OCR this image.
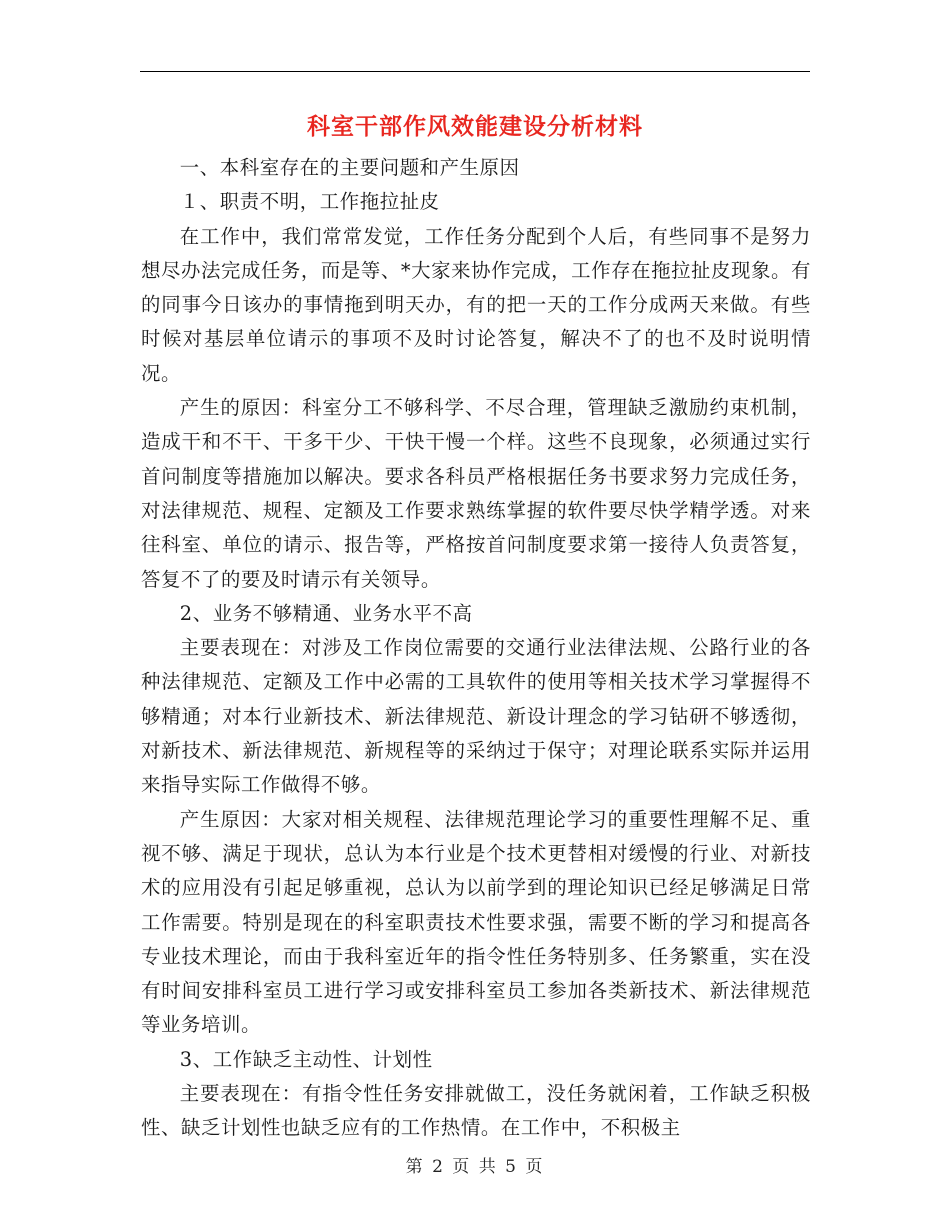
科室干部作风效能建设分析材料

一、本科室存在的主要问题和产生原因

１、职责不明，工作拖拉扯皮

在工作中，我们常常发觉，工作任务分配到个人后，有些同事不是努力想尽办法完成任务，而是等、*大家来协作完成，工作存在拖拉扯皮现象。有的同事今日该办的事情拖到明天办，有的把一天的工作分成两天来做。有些时候对基层单位请示的事项不及时讨论答复，解决不了的也不及时说明情况。

产生的原因：科室分工不够科学、不尽合理，管理缺乏激励约束机制，造成干和不干、干多干少、干快干慢一个样。这些不良现象，必须通过实行首问制度等措施加以解决。要求各科员严格根据任务书要求努力完成任务，对法律规范、规程、定额及工作要求熟练掌握的软件要尽快学精学透。对来往科室、单位的请示、报告等，严格按首问制度要求第一接待人负责答复，答复不了的要及时请示有关领导。

2、业务不够精通、业务水平不高

主要表现在：对涉及工作岗位需要的交通行业法律法规、公路行业的各种法律规范、定额及工作中必需的工具软件的使用等相关技术学习掌握得不够精通；对本行业新技术、新法律规范、新设计理念的学习钻研不够透彻，对新技术、新法律规范、新规程等的采纳过于保守；对理论联系实际并运用来指导实际工作做得不够。

产生原因：大家对相关规程、法律规范理论学习的重要性理解不足、重视不够、满足于现状，总认为本行业是个技术更替相对缓慢的行业、对新技术的应用没有引起足够重视，总认为以前学到的理论知识已经足够满足日常工作需要。特别是现在的科室职责技术性要求强，需要不断的学习和提高各专业技术理论，而由于我科室近年的指令性任务特别多、任务繁重，实在没有时间安排科室员工进行学习或安排科室员工参加各类新技术、新法律规范等业务培训。

3、工作缺乏主动性、计划性

主要表现在：有指令性任务安排就做工，没任务就闲着，工作缺乏积极性、缺乏计划性也缺乏应有的工作热情。在工作中，不积极主

第 2 页 共 5 页
